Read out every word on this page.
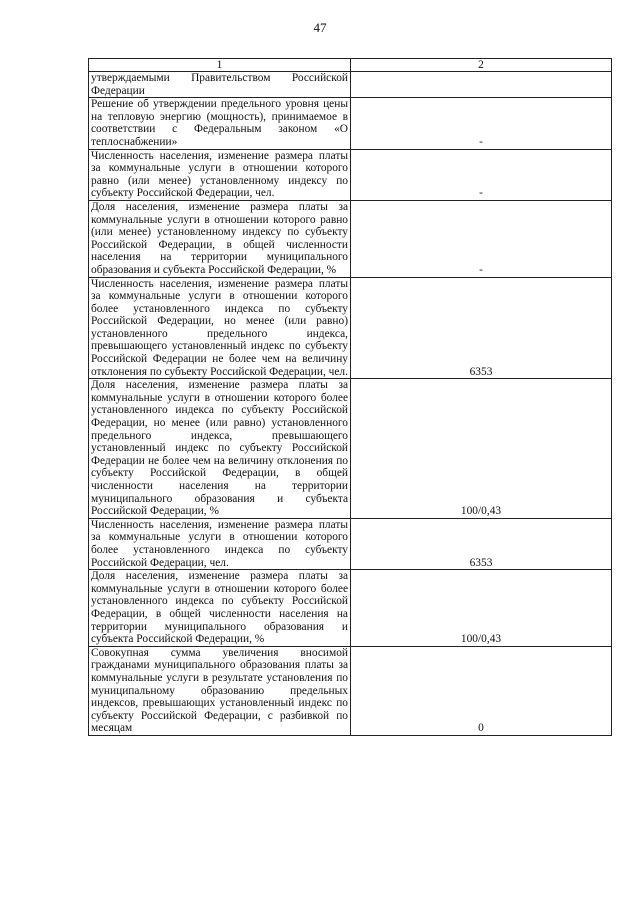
47
1	2
утверждаемыми Правительством Российской Федерации	
Решение об утверждении предельного уровня цены на тепловую энергию (мощность), принимаемое в соответствии с Федеральным законом «О теплоснабжении»	-
Численность населения, изменение размера платы за коммунальные услуги в отношении которого равно (или менее) установленному индексу по субъекту Российской Федерации, чел.	-
Доля населения, изменение размера платы за коммунальные услуги в отношении которого равно (или менее) установленному индексу по субъекту Российской Федерации, в общей численности населения на территории муниципального образования и субъекта Российской Федерации, %	-
Численность населения, изменение размера платы за коммунальные услуги в отношении которого более установленного индекса по субъекту Российской Федерации, но менее (или равно) установленного предельного индекса, превышающего установленный индекс по субъекту Российской Федерации не более чем на величину отклонения по субъекту Российской Федерации, чел.	6353
Доля населения, изменение размера платы за коммунальные услуги в отношении которого более установленного индекса по субъекту Российской Федерации, но менее (или равно) установленного предельного индекса, превышающего установленный индекс по субъекту Российской Федерации не более чем на величину отклонения по субъекту Российской Федерации, в общей численности населения на территории муниципального образования и субъекта Российской Федерации, %	100/0,43
Численность населения, изменение размера платы за коммунальные услуги в отношении которого более установленного индекса по субъекту Российской Федерации, чел.	6353
Доля населения, изменение размера платы за коммунальные услуги в отношении которого более установленного индекса по субъекту Российской Федерации, в общей численности населения на территории муниципального образования и субъекта Российской Федерации, %	100/0,43
Совокупная сумма увеличения вносимой гражданами муниципального образования платы за коммунальные услуги в результате установления по муниципальному образованию предельных индексов, превышающих установленный индекс по субъекту Российской Федерации, с разбивкой по месяцам	0
